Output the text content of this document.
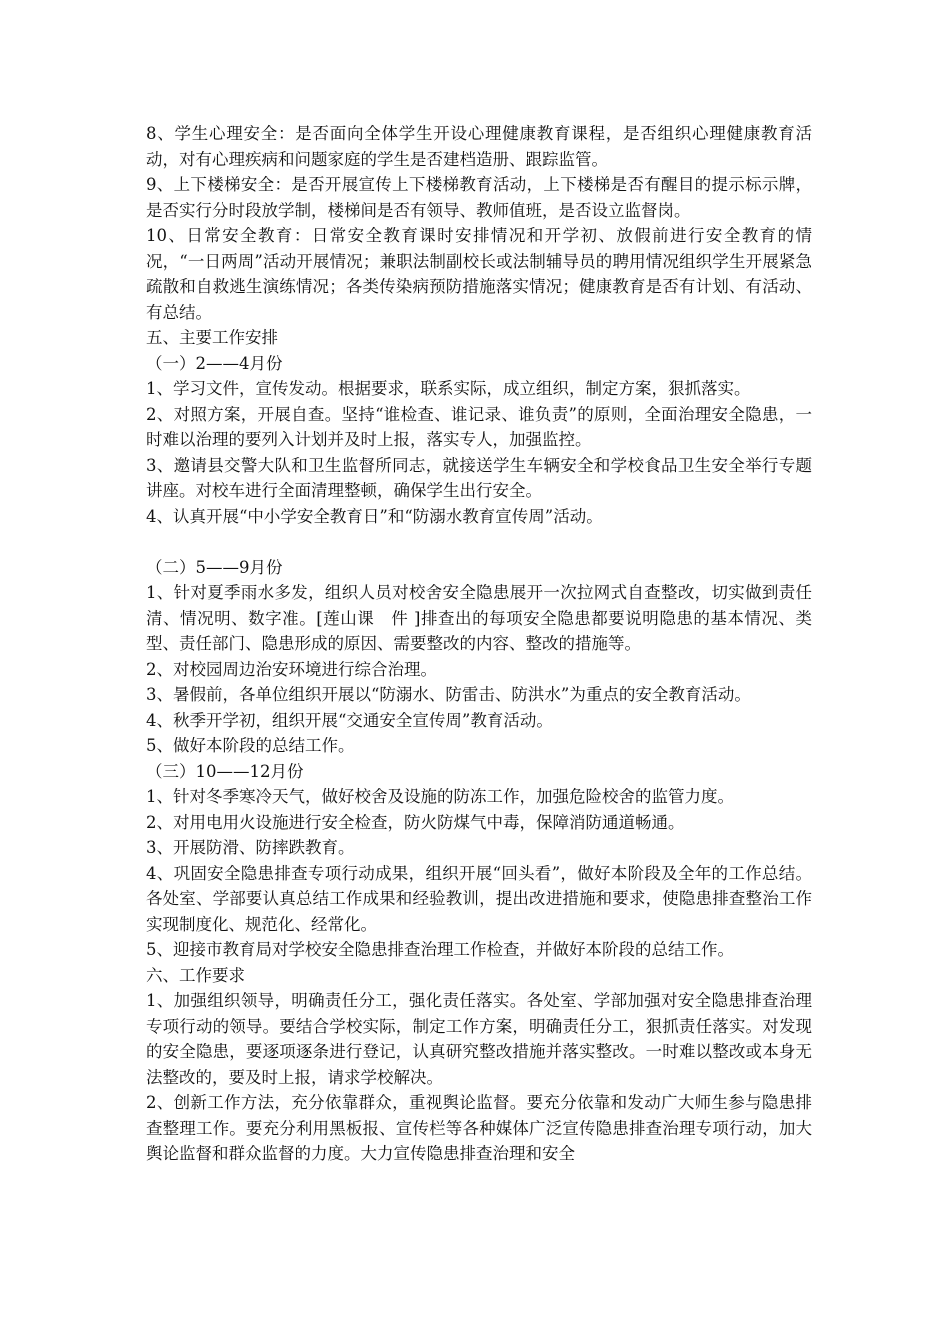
8、学生心理安全：是否面向全体学生开设心理健康教育课程，是否组织心理健康教育活动，对有心理疾病和问题家庭的学生是否建档造册、跟踪监管。

9、上下楼梯安全：是否开展宣传上下楼梯教育活动，上下楼梯是否有醒目的提示标示牌，是否实行分时段放学制，楼梯间是否有领导、教师值班，是否设立监督岗。

10、日常安全教育：日常安全教育课时安排情况和开学初、放假前进行安全教育的情况，“一日两周”活动开展情况；兼职法制副校长或法制辅导员的聘用情况组织学生开展紧急疏散和自救逃生演练情况；各类传染病预防措施落实情况；健康教育是否有计划、有活动、有总结。

五、主要工作安排

（一）2——4月份

1、学习文件，宣传发动。根据要求，联系实际，成立组织，制定方案，狠抓落实。

2、对照方案，开展自查。坚持“谁检查、谁记录、谁负责”的原则，全面治理安全隐患，一时难以治理的要列入计划并及时上报，落实专人，加强监控。

3、邀请县交警大队和卫生监督所同志，就接送学生车辆安全和学校食品卫生安全举行专题讲座。对校车进行全面清理整顿，确保学生出行安全。

4、认真开展“中小学安全教育日”和“防溺水教育宣传周”活动。

（二）5——9月份

1、针对夏季雨水多发，组织人员对校舍安全隐患展开一次拉网式自查整改，切实做到责任清、情况明、数字准。[莲山课　件 ]排查出的每项安全隐患都要说明隐患的基本情况、类型、责任部门、隐患形成的原因、需要整改的内容、整改的措施等。

2、对校园周边治安环境进行综合治理。

3、暑假前，各单位组织开展以“防溺水、防雷击、防洪水”为重点的安全教育活动。

4、秋季开学初，组织开展“交通安全宣传周”教育活动。

5、做好本阶段的总结工作。

（三）10——12月份

1、针对冬季寒冷天气，做好校舍及设施的防冻工作，加强危险校舍的监管力度。

2、对用电用火设施进行安全检查，防火防煤气中毒，保障消防通道畅通。

3、开展防滑、防摔跌教育。

4、巩固安全隐患排查专项行动成果，组织开展“回头看”，做好本阶段及全年的工作总结。各处室、学部要认真总结工作成果和经验教训，提出改进措施和要求，使隐患排查整治工作实现制度化、规范化、经常化。

5、迎接市教育局对学校安全隐患排查治理工作检查，并做好本阶段的总结工作。

六、工作要求

1、加强组织领导，明确责任分工，强化责任落实。各处室、学部加强对安全隐患排查治理专项行动的领导。要结合学校实际，制定工作方案，明确责任分工，狠抓责任落实。对发现的安全隐患，要逐项逐条进行登记，认真研究整改措施并落实整改。一时难以整改或本身无法整改的，要及时上报，请求学校解决。

2、创新工作方法，充分依靠群众，重视舆论监督。要充分依靠和发动广大师生参与隐患排查整理工作。要充分利用黑板报、宣传栏等各种媒体广泛宣传隐患排查治理专项行动，加大舆论监督和群众监督的力度。大力宣传隐患排查治理和安全
